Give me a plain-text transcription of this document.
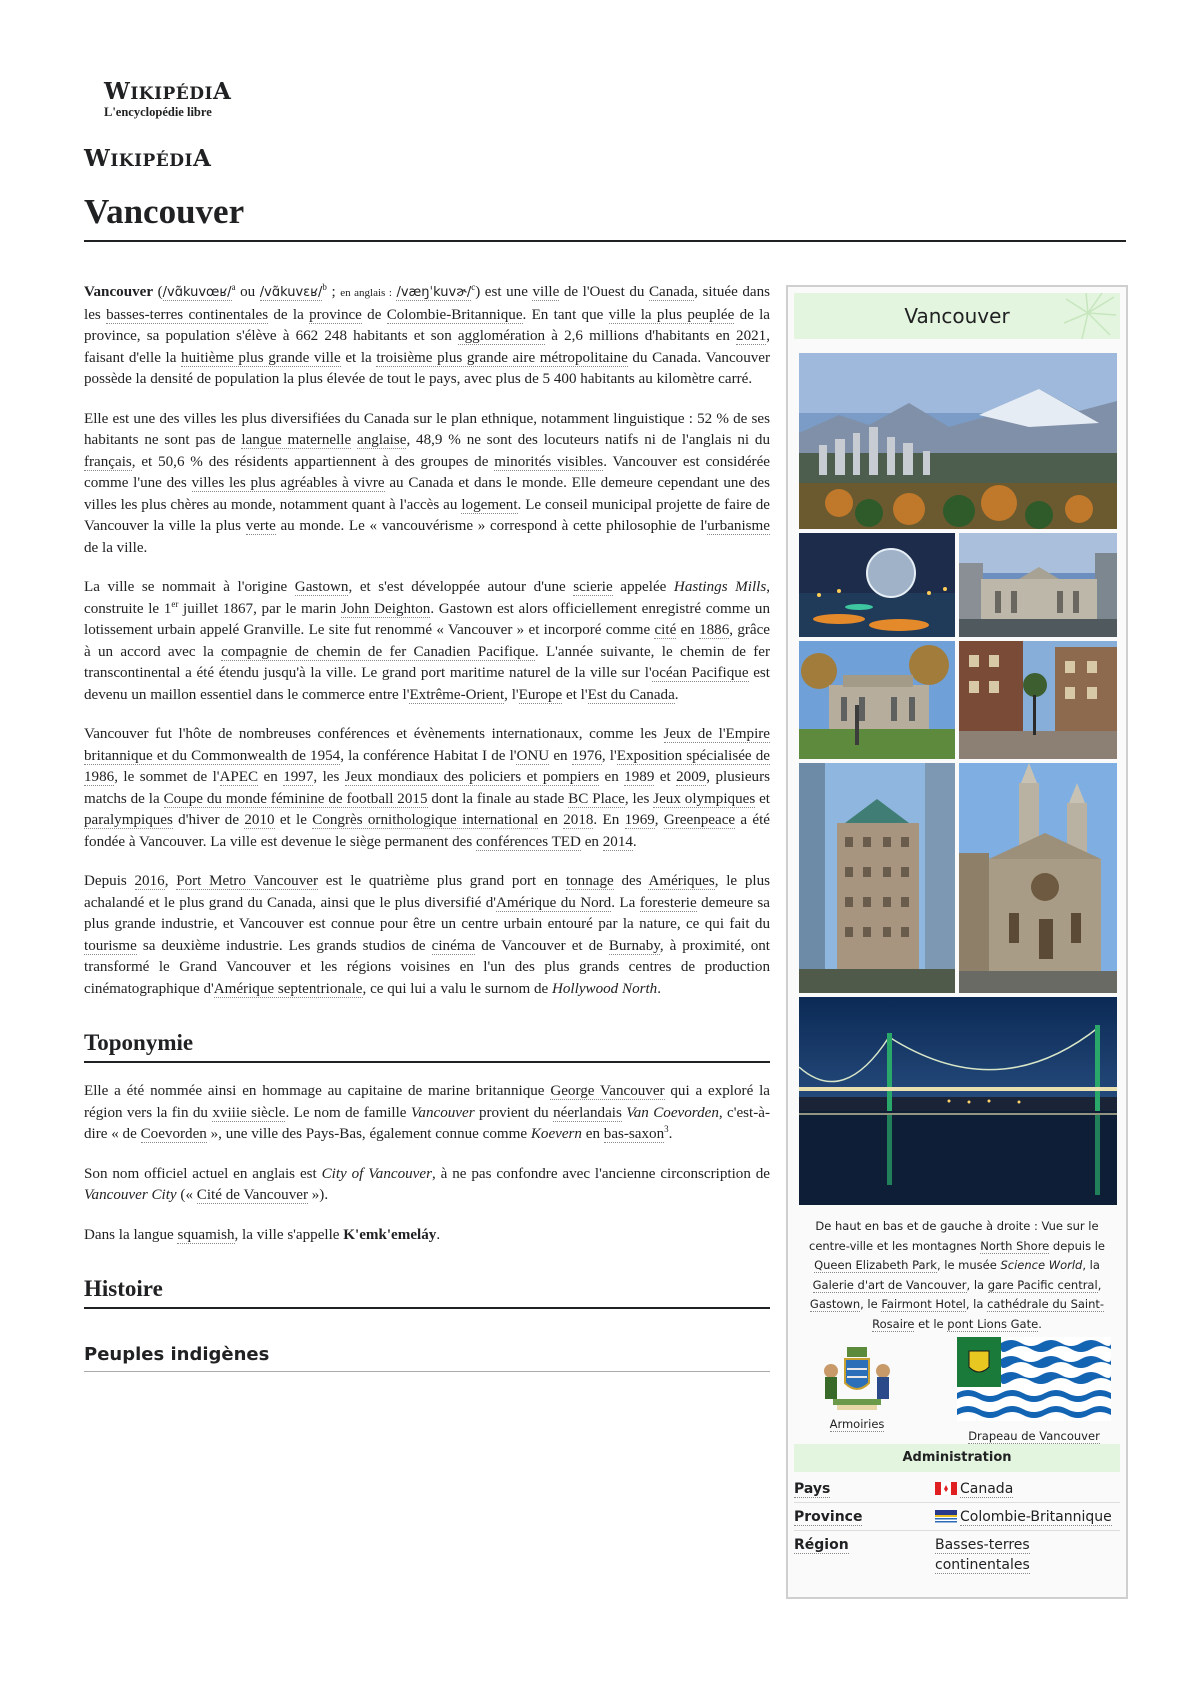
WIKIPÉDIA
L'encyclopédie libre
WIKIPÉDIA
Vancouver

Vancouver (/vɑ̃kuvœʁ/$^a$ ou /vɑ̃kuvɛʁ/$^b$ ; en anglais : /væŋˈkuvɚ/$^c$) est une ville de l'Ouest du Canada, située dans les basses-terres continentales de la province de Colombie-Britannique. En tant que ville la plus peuplée de la province, sa population s'élève à 662 248 habitants et son agglomération à 2,6 millions d'habitants en 2021, faisant d'elle la huitième plus grande ville et la troisième plus grande aire métropolitaine du Canada. Vancouver possède la densité de population la plus élevée de tout le pays, avec plus de 5 400 habitants au kilomètre carré.

Elle est une des villes les plus diversifiées du Canada sur le plan ethnique, notamment linguistique : 52 % de ses habitants ne sont pas de langue maternelle anglaise, 48,9 % ne sont des locuteurs natifs ni de l'anglais ni du français, et 50,6 % des résidents appartiennent à des groupes de minorités visibles. Vancouver est considérée comme l'une des villes les plus agréables à vivre au Canada et dans le monde. Elle demeure cependant une des villes les plus chères au monde, notamment quant à l'accès au logement. Le conseil municipal projette de faire de Vancouver la ville la plus verte au monde. Le « vancouvérisme » correspond à cette philosophie de l'urbanisme de la ville.

La ville se nommait à l'origine Gastown, et s'est développée autour d'une scierie appelée Hastings Mills, construite le 1er juillet 1867, par le marin John Deighton. Gastown est alors officiellement enregistré comme un lotissement urbain appelé Granville. Le site fut renommé « Vancouver » et incorporé comme cité en 1886, grâce à un accord avec la compagnie de chemin de fer Canadien Pacifique. L'année suivante, le chemin de fer transcontinental a été étendu jusqu'à la ville. Le grand port maritime naturel de la ville sur l'océan Pacifique est devenu un maillon essentiel dans le commerce entre l'Extrême-Orient, l'Europe et l'Est du Canada.

Vancouver fut l'hôte de nombreuses conférences et évènements internationaux, comme les Jeux de l'Empire britannique et du Commonwealth de 1954, la conférence Habitat I de l'ONU en 1976, l'Exposition spécialisée de 1986, le sommet de l'APEC en 1997, les Jeux mondiaux des policiers et pompiers en 1989 et 2009, plusieurs matchs de la Coupe du monde féminine de football 2015 dont la finale au stade BC Place, les Jeux olympiques et paralympiques d'hiver de 2010 et le Congrès ornithologique international en 2018. En 1969, Greenpeace a été fondée à Vancouver. La ville est devenue le siège permanent des conférences TED en 2014.

Depuis 2016, Port Metro Vancouver est le quatrième plus grand port en tonnage des Amériques, le plus achalandé et le plus grand du Canada, ainsi que le plus diversifié d'Amérique du Nord. La foresterie demeure sa plus grande industrie, et Vancouver est connue pour être un centre urbain entouré par la nature, ce qui fait du tourisme sa deuxième industrie. Les grands studios de cinéma de Vancouver et de Burnaby, à proximité, ont transformé le Grand Vancouver et les régions voisines en l'un des plus grands centres de production cinématographique d'Amérique septentrionale, ce qui lui a valu le surnom de Hollywood North.

Toponymie

Elle a été nommée ainsi en hommage au capitaine de marine britannique George Vancouver qui a exploré la région vers la fin du xviiie siècle. Le nom de famille Vancouver provient du néerlandais Van Coevorden, c'est-à-dire « de Coevorden », une ville des Pays-Bas, également connue comme Koevern en bas-saxon$^3$.

Son nom officiel actuel en anglais est City of Vancouver, à ne pas confondre avec l'ancienne circonscription de Vancouver City (« Cité de Vancouver »).

Dans la langue squamish, la ville s'appelle K'emk'emeláy.

Histoire
Peuples indigènes
Vancouver
De haut en bas et de gauche à droite : Vue sur le centre-ville et les montagnes North Shore depuis le Queen Elizabeth Park, le musée Science World, la Galerie d'art de Vancouver, la gare Pacific central, Gastown, le Fairmont Hotel, la cathédrale du Saint-Rosaire et le pont Lions Gate.
Armoiries
Drapeau de Vancouver
Administration
Pays	Canada
Province	Colombie-Britannique
Région	Basses-terres continentales
